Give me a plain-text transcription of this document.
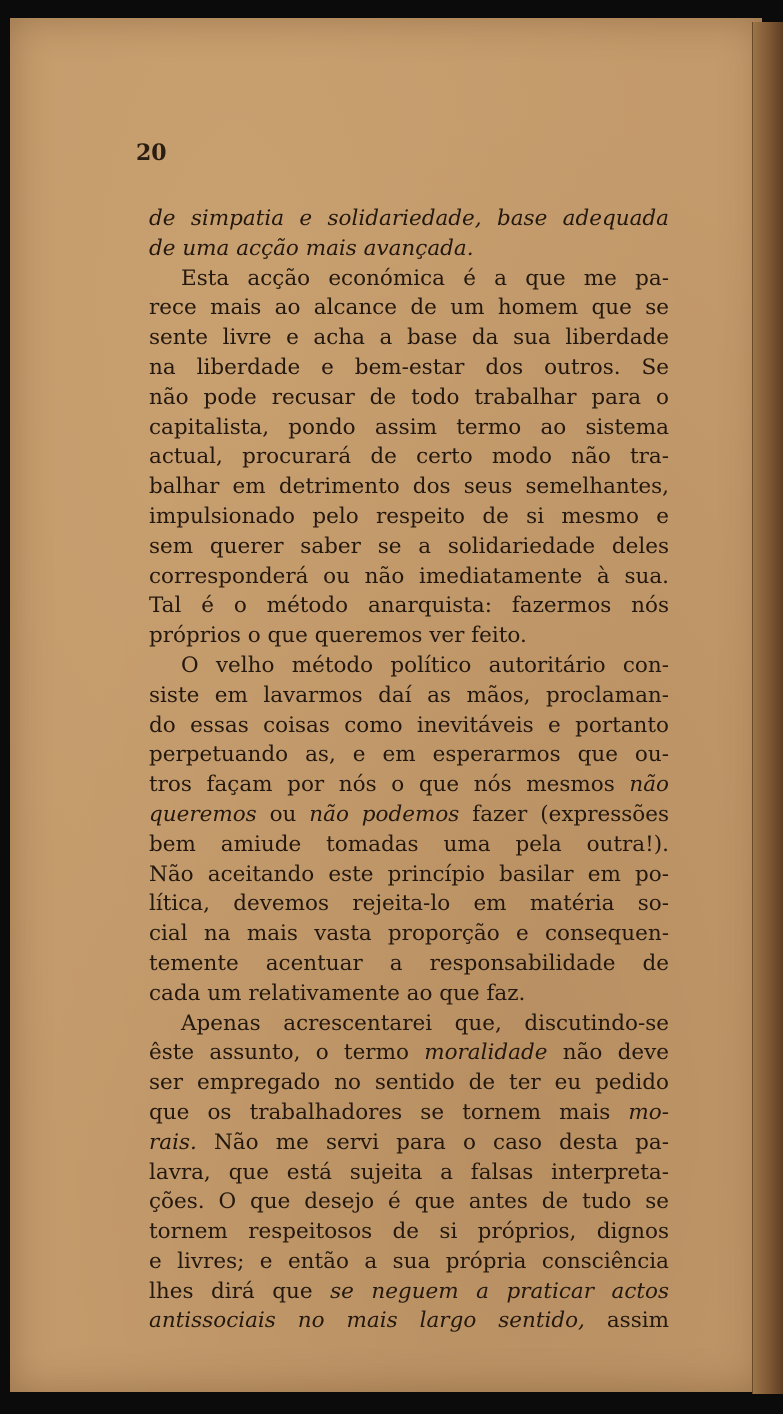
20
de simpatia e solidariedade, base adequada
de uma acção mais avançada.
Esta acção económica é a que me pa-
rece mais ao alcance de um homem que se
sente livre e acha a base da sua liberdade
na liberdade e bem-estar dos outros. Se
não pode recusar de todo trabalhar para o
capitalista, pondo assim termo ao sistema
actual, procurará de certo modo não tra-
balhar em detrimento dos seus semelhantes,
impulsionado pelo respeito de si mesmo e
sem querer saber se a solidariedade deles
corresponderá ou não imediatamente à sua.
Tal é o método anarquista: fazermos nós
próprios o que queremos ver feito.
O velho método político autoritário con-
siste em lavarmos daí as mãos, proclaman-
do essas coisas como inevitáveis e portanto
perpetuando as, e em esperarmos que ou-
tros façam por nós o que nós mesmos não
queremos ou não podemos fazer (expressões
bem amiude tomadas uma pela outra!).
Não aceitando este princípio basilar em po-
lítica, devemos rejeita-lo em matéria so-
cial na mais vasta proporção e consequen-
temente acentuar a responsabilidade de
cada um relativamente ao que faz.
Apenas acrescentarei que, discutindo-se
êste assunto, o termo moralidade não deve
ser empregado no sentido de ter eu pedido
que os trabalhadores se tornem mais mo-
rais. Não me servi para o caso desta pa-
lavra, que está sujeita a falsas interpreta-
ções. O que desejo é que antes de tudo se
tornem respeitosos de si próprios, dignos
e livres; e então a sua própria consciência
lhes dirá que se neguem a praticar actos
antissociais no mais largo sentido, assim
